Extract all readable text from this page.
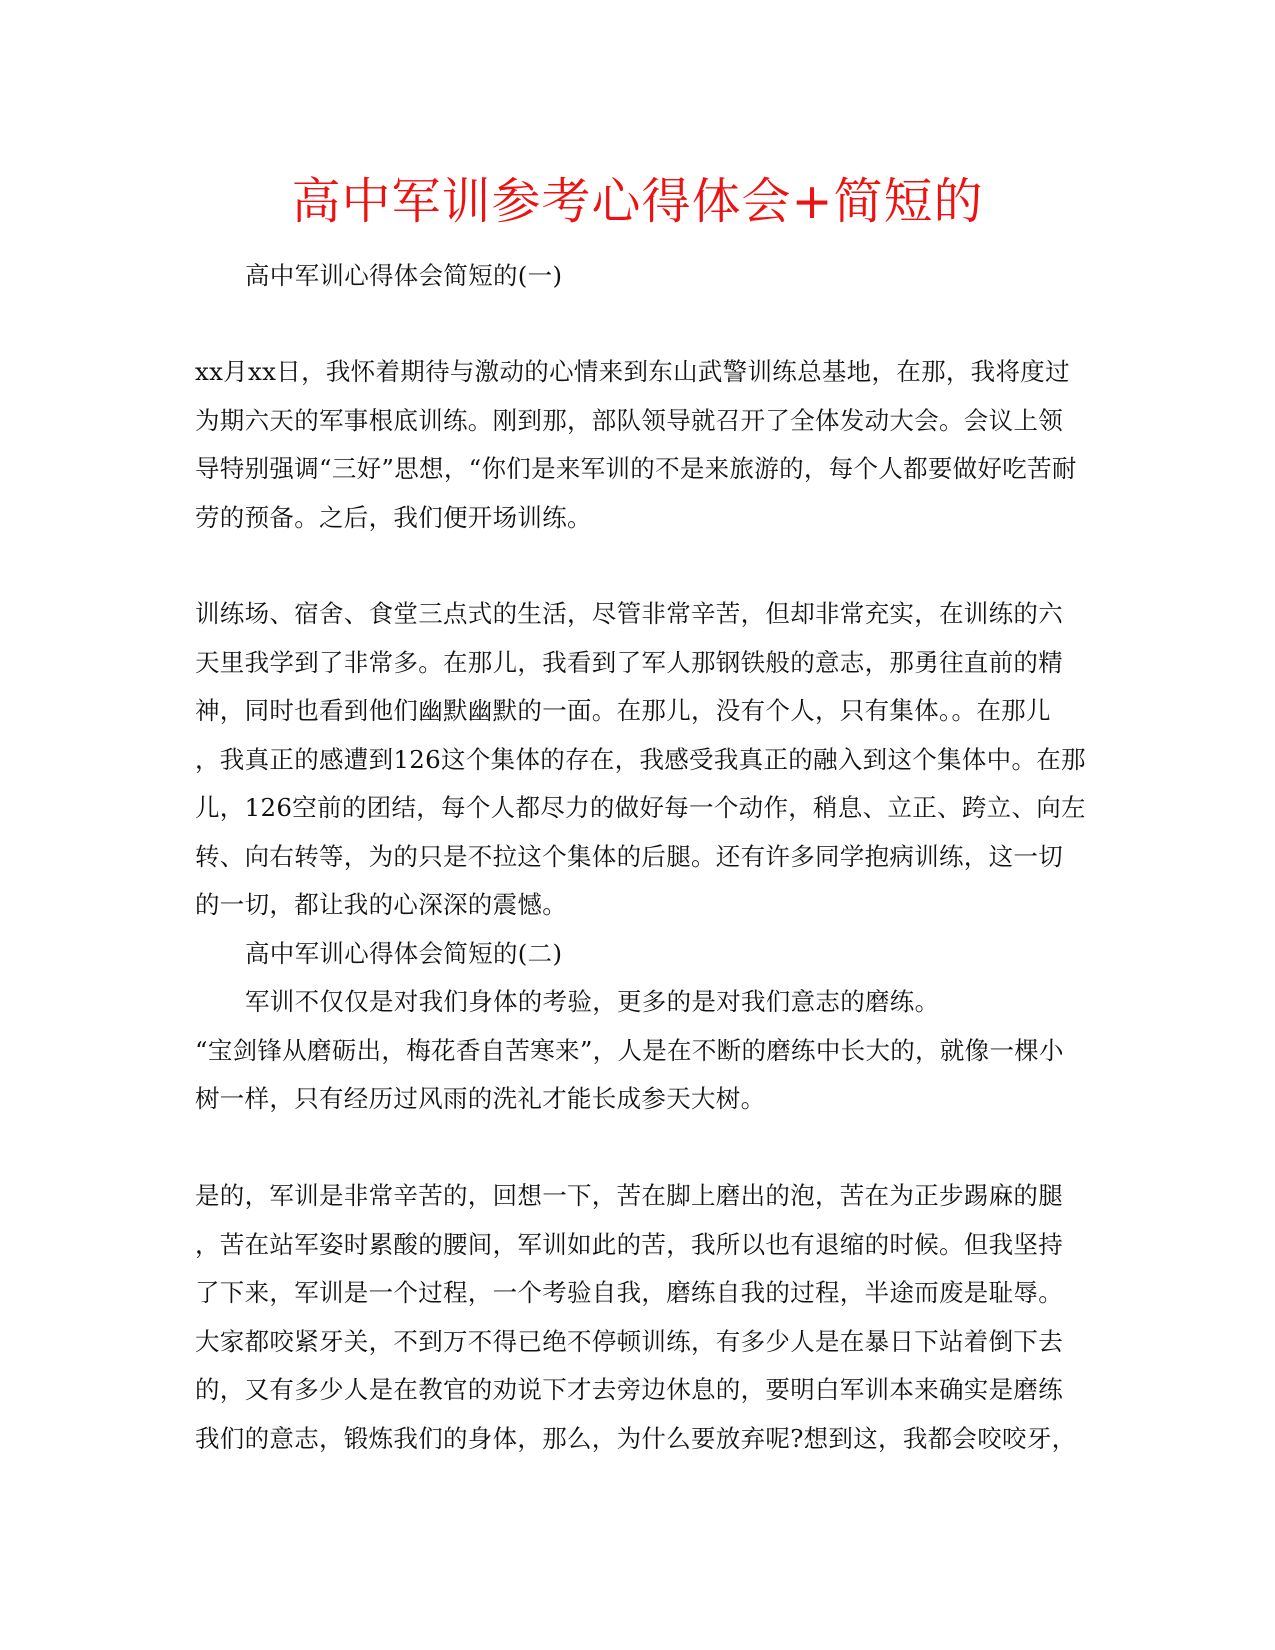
高中军训参考心得体会+简短的

高中军训心得体会简短的(一)

xx月xx日，我怀着期待与激动的心情来到东山武警训练总基地，在那，我将度过
为期六天的军事根底训练。刚到那，部队领导就召开了全体发动大会。会议上领
导特别强调“三好”思想，“你们是来军训的不是来旅游的，每个人都要做好吃苦耐
劳的预备。之后，我们便开场训练。
训练场、宿舍、食堂三点式的生活，尽管非常辛苦，但却非常充实，在训练的六
天里我学到了非常多。在那儿，我看到了军人那钢铁般的意志，那勇往直前的精
神，同时也看到他们幽默幽默的一面。在那儿，没有个人，只有集体。。在那儿
，我真正的感遭到126这个集体的存在，我感受我真正的融入到这个集体中。在那
儿，126空前的团结，每个人都尽力的做好每一个动作，稍息、立正、跨立、向左
转、向右转等，为的只是不拉这个集体的后腿。还有许多同学抱病训练，这一切
的一切，都让我的心深深的震憾。

高中军训心得体会简短的(二)

军训不仅仅是对我们身体的考验，更多的是对我们意志的磨练。
“宝剑锋从磨砺出，梅花香自苦寒来”，人是在不断的磨练中长大的，就像一棵小
树一样，只有经历过风雨的洗礼才能长成参天大树。
是的，军训是非常辛苦的，回想一下，苦在脚上磨出的泡，苦在为正步踢麻的腿
，苦在站军姿时累酸的腰间，军训如此的苦，我所以也有退缩的时候。但我坚持
了下来，军训是一个过程，一个考验自我，磨练自我的过程，半途而废是耻辱。
大家都咬紧牙关，不到万不得已绝不停顿训练，有多少人是在暴日下站着倒下去
的，又有多少人是在教官的劝说下才去旁边休息的，要明白军训本来确实是磨练
我们的意志，锻炼我们的身体，那么，为什么要放弃呢?想到这，我都会咬咬牙，
